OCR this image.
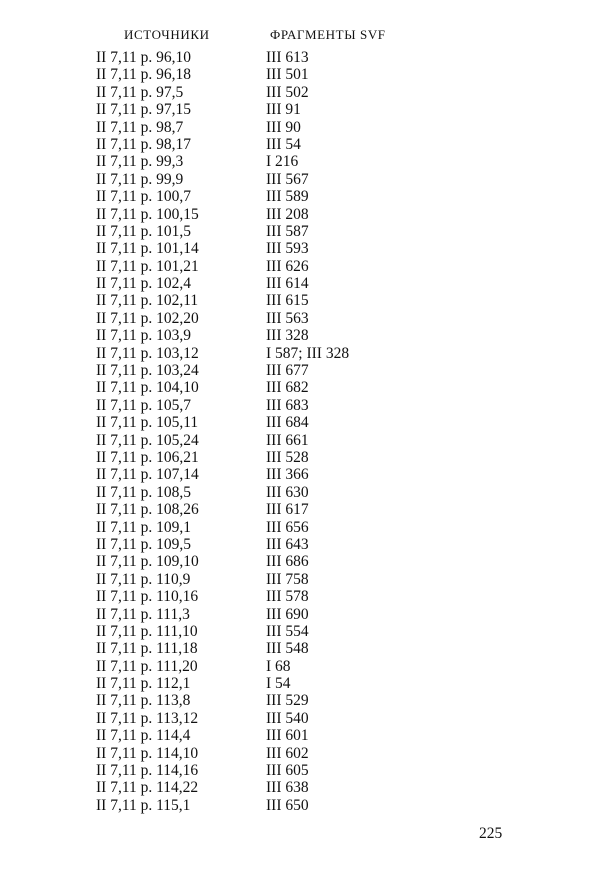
ИСТОЧНИКИ	ФРАГМЕНТЫ SVF
II 7,11 p. 96,10	III 613
II 7,11 p. 96,18	III 501
II 7,11 p. 97,5	III 502
II 7,11 p. 97,15	III 91
II 7,11 p. 98,7	III 90
II 7,11 p. 98,17	III 54
II 7,11 p. 99,3	I 216
II 7,11 p. 99,9	III 567
II 7,11 p. 100,7	III 589
II 7,11 p. 100,15	III 208
II 7,11 p. 101,5	III 587
II 7,11 p. 101,14	III 593
II 7,11 p. 101,21	III 626
II 7,11 p. 102,4	III 614
II 7,11 p. 102,11	III 615
II 7,11 p. 102,20	III 563
II 7,11 p. 103,9	III 328
II 7,11 p. 103,12	I 587; III 328
II 7,11 p. 103,24	III 677
II 7,11 p. 104,10	III 682
II 7,11 p. 105,7	III 683
II 7,11 p. 105,11	III 684
II 7,11 p. 105,24	III 661
II 7,11 p. 106,21	III 528
II 7,11 p. 107,14	III 366
II 7,11 p. 108,5	III 630
II 7,11 p. 108,26	III 617
II 7,11 p. 109,1	III 656
II 7,11 p. 109,5	III 643
II 7,11 p. 109,10	III 686
II 7,11 p. 110,9	III 758
II 7,11 p. 110,16	III 578
II 7,11 p. 111,3	III 690
II 7,11 p. 111,10	III 554
II 7,11 p. 111,18	III 548
II 7,11 p. 111,20	I 68
II 7,11 p. 112,1	I 54
II 7,11 p. 113,8	III 529
II 7,11 p. 113,12	III 540
II 7,11 p. 114,4	III 601
II 7,11 p. 114,10	III 602
II 7,11 p. 114,16	III 605
II 7,11 p. 114,22	III 638
II 7,11 p. 115,1	III 650
225
